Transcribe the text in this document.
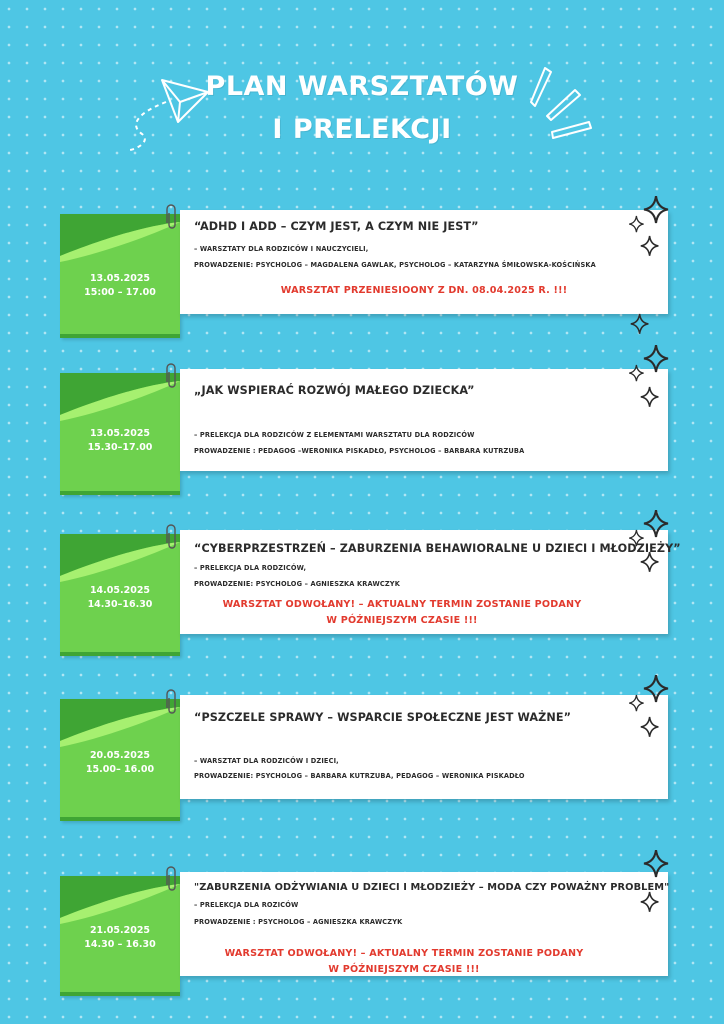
PLAN WARSZTATÓW
I PRELEKCJI
13.05.2025
15:00 – 17.00
“ADHD I ADD – CZYM JEST, A CZYM NIE JEST”
– WARSZTATY DLA RODZICÓW I NAUCZYCIELI,
PROWADZENIE: PSYCHOLOG – MAGDALENA GAWLAK, PSYCHOLOG – KATARZYNA ŚMIŁOWSKA-KOŚCIŃSKA
WARSZTAT PRZENIESIOONY Z DN. 08.04.2025 R. !!!
13.05.2025
15.30–17.00
„JAK WSPIERAĆ ROZWÓJ MAŁEGO DZIECKA”
– PRELEKCJA DLA RODZICÓW Z ELEMENTAMI WARSZTATU DLA RODZICÓW
PROWADZENIE : PEDAGOG –WERONIKA PISKADŁO, PSYCHOLOG – BARBARA KUTRZUBA
14.05.2025
14.30–16.30
“CYBERPRZESTRZEŃ – ZABURZENIA BEHAWIORALNE U DZIECI I MŁODZIEŻY”
– PRELEKCJA DLA RODZICÓW,
PROWADZENIE: PSYCHOLOG – AGNIESZKA KRAWCZYK
WARSZTAT ODWOŁANY! – AKTUALNY TERMIN ZOSTANIE PODANY
W PÓŹNIEJSZYM CZASIE !!!
20.05.2025
15.00– 16.00
“PSZCZELE SPRAWY – WSPARCIE SPOŁECZNE JEST WAŻNE”
– WARSZTAT DLA RODZICÓW I DZIECI,
PROWADZENIE: PSYCHOLOG – BARBARA KUTRZUBA, PEDAGOG – WERONIKA PISKADŁO
21.05.2025
14.30 – 16.30
"ZABURZENIA ODŻYWIANIA U DZIECI I MŁODZIEŻY – MODA CZY POWAŻNY PROBLEM"
– PRELEKCJA DLA ROZICÓW
PROWADZENIE : PSYCHOLOG – AGNIESZKA KRAWCZYK
WARSZTAT ODWOŁANY! – AKTUALNY TERMIN ZOSTANIE PODANY
W PÓŹNIEJSZYM CZASIE !!!
